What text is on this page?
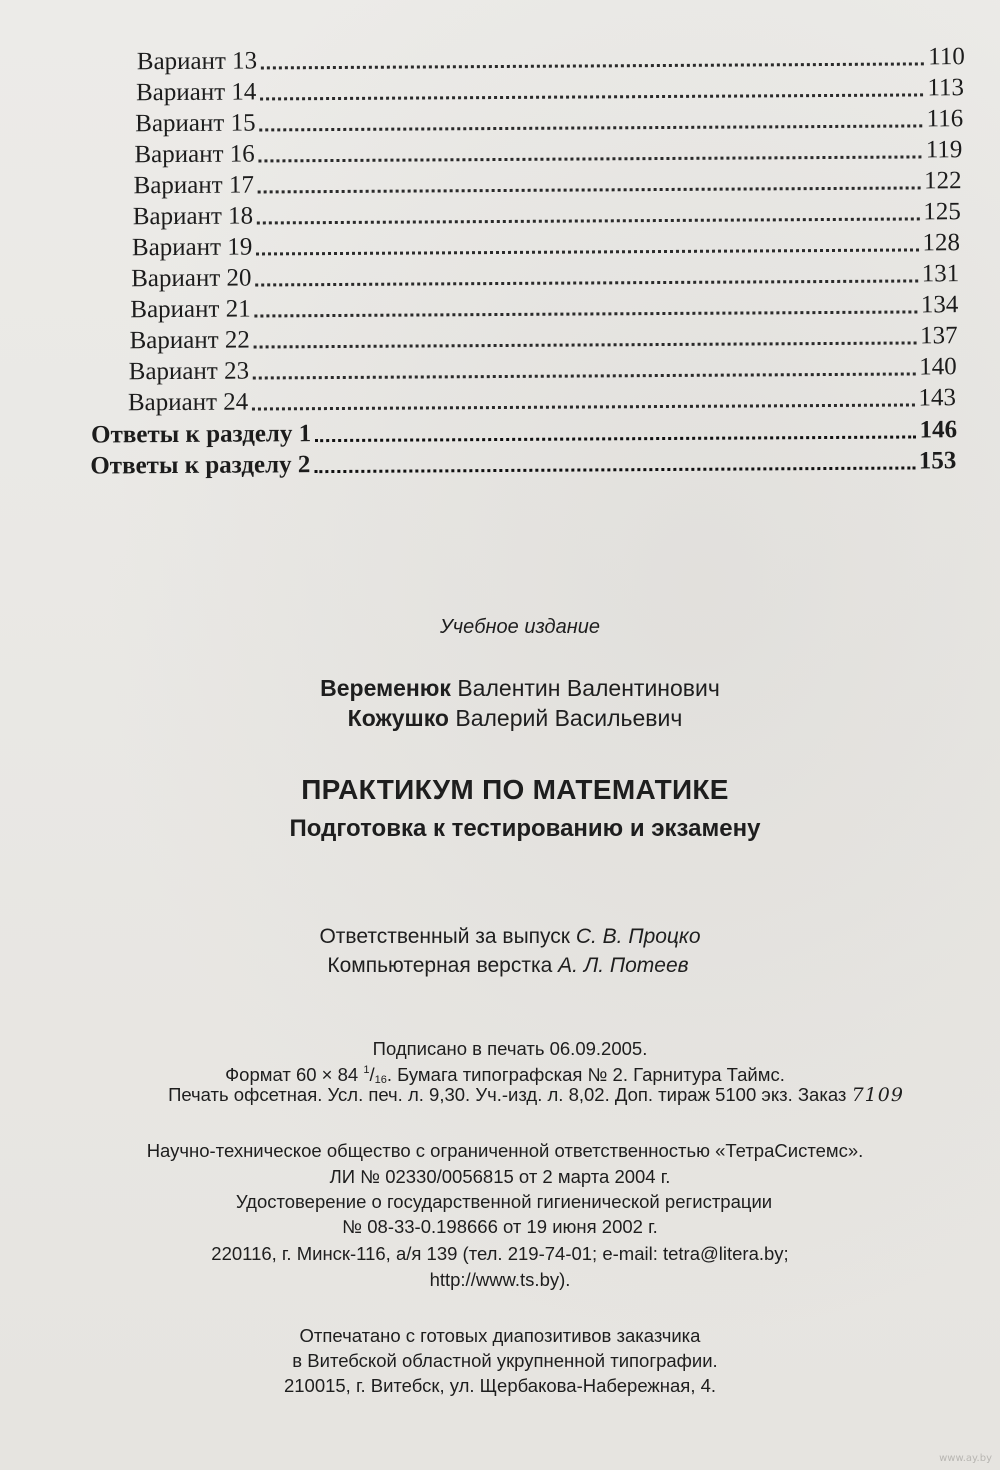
Вариант 13	110
Вариант 14	113
Вариант 15	116
Вариант 16	119
Вариант 17	122
Вариант 18	125
Вариант 19	128
Вариант 20	131
Вариант 21	134
Вариант 22	137
Вариант 23	140
Вариант 24	143
Ответы к разделу 1	146
Ответы к разделу 2	153
Учебное издание
Веременюк Валентин Валентинович
Кожушко Валерий Васильевич
ПРАКТИКУМ ПО МАТЕМАТИКЕ
Подготовка к тестированию и экзамену
Ответственный за выпуск С. В. Процко
Компьютерная верстка А. Л. Потеев
Подписано в печать 06.09.2005.
Формат 60 × 84 $^1/_{16}$. Бумага типографская № 2. Гарнитура Таймс.
Печать офсетная. Усл. печ. л. 9,30. Уч.-изд. л. 8,02. Доп. тираж 5100 экз. Заказ 7109
Научно-техническое общество с ограниченной ответственностью «ТетраСистемс».
ЛИ № 02330/0056815 от 2 марта 2004 г.
Удостоверение о государственной гигиенической регистрации
№ 08-33-0.198666 от 19 июня 2002 г.
220116, г. Минск-116, а/я 139 (тел. 219-74-01; e-mail: tetra@litera.by;
http://www.ts.by).
Отпечатано с готовых диапозитивов заказчика
в Витебской областной укрупненной типографии.
210015, г. Витебск, ул. Щербакова-Набережная, 4.
www.ay.by
